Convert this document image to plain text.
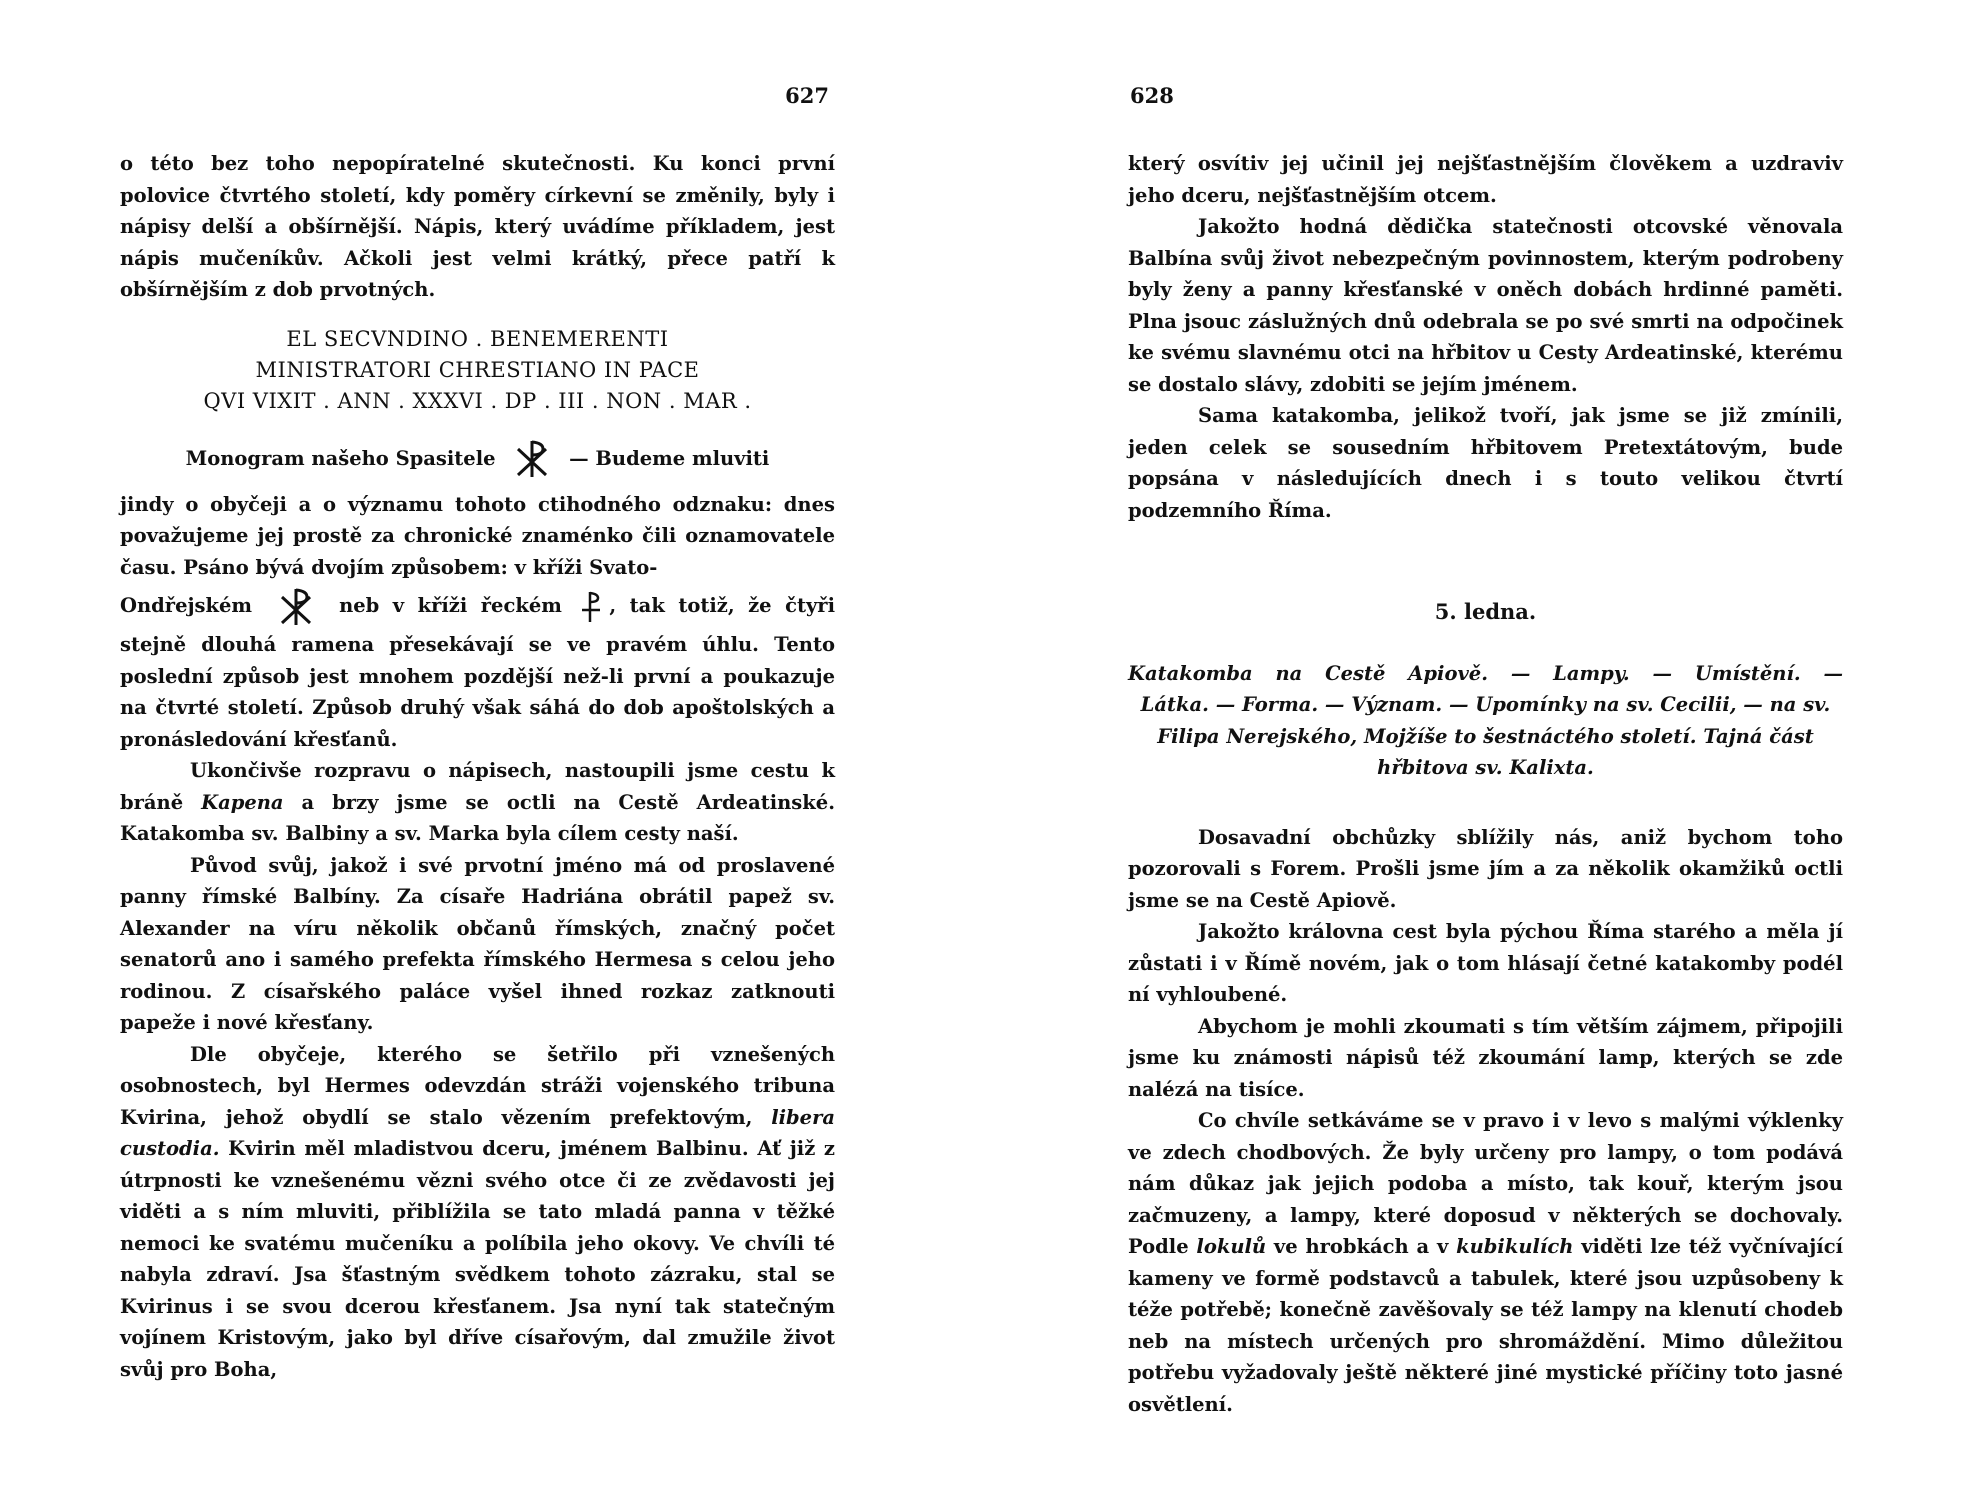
627

o této bez toho nepopíratelné skutečnosti. Ku konci první polovice čtvrtého století, kdy poměry církevní se změnily, byly i nápisy delší a obšírnější. Nápis, který uvádíme příkladem, jest nápis mučeníkův. Ačkoli jest velmi krátký, přece patří k obšírnějším z dob prvotných.

EL SECVNDINO . BENEMERENTI
MINISTRATORI CHRESTIANO IN PACE
QVI VIXIT . ANN . XXXVI . DP . III . NON . MAR .
Monogram našeho Spasitele	— Budeme mluviti

jindy o obyčeji a o významu tohoto ctihodného odznaku: dnes považujeme jej prostě za chronické znaménko čili oznamovatele času. Psáno bývá dvojím způsobem: v kříži Svato-

Ondřejském	neb v kříži řeckém , tak totiž, že čtyři

stejně dlouhá ramena přesekávají se ve pravém úhlu. Tento poslední způsob jest mnohem pozdější než-li první a poukazuje na čtvrté století. Způsob druhý však sáhá do dob apoštolských a pronásledování křesťanů.

Ukončivše rozpravu o nápisech, nastoupili jsme cestu k bráně Kapena a brzy jsme se octli na Cestě Ardeatinské. Katakomba sv. Balbiny a sv. Marka byla cílem cesty naší.

Původ svůj, jakož i své prvotní jméno má od proslavené panny římské Balbíny. Za císaře Hadriána obrátil papež sv. Alexander na víru několik občanů římských, značný počet senatorů ano i samého prefekta římského Hermesa s celou jeho rodinou. Z císařského paláce vyšel ihned rozkaz zatknouti papeže i nové křesťany.

Dle obyčeje, kterého se šetřilo při vznešených osobnostech, byl Hermes odevzdán stráži vojenského tribuna Kvirina, jehož obydlí se stalo vězením prefektovým, libera custodia. Kvirin měl mladistvou dceru, jménem Balbinu. Ať již z útrpnosti ke vznešenému vězni svého otce či ze zvědavosti jej viděti a s ním mluviti, přiblížila se tato mladá panna v těžké nemoci ke svatému mučeníku a políbila jeho okovy. Ve chvíli té nabyla zdraví. Jsa šťastným svědkem tohoto zázraku, stal se Kvirinus i se svou dcerou křesťanem. Jsa nyní tak statečným vojínem Kristovým, jako byl dříve císařovým, dal zmužile život svůj pro Boha,

628

který osvítiv jej učinil jej nejšťastnějším člověkem a uzdraviv jeho dceru, nejšťastnějším otcem.

Jakožto hodná dědička statečnosti otcovské věnovala Balbína svůj život nebezpečným povinnostem, kterým podrobeny byly ženy a panny křesťanské v oněch dobách hrdinné paměti. Plna jsouc záslužných dnů odebrala se po své smrti na odpočinek ke svému slavnému otci na hřbitov u Cesty Ardeatinské, kterému se dostalo slávy, zdobiti se jejím jménem.

Sama katakomba, jelikož tvoří, jak jsme se již zmínili, jeden celek se sousedním hřbitovem Pretextátovým, bude popsána v následujících dnech i s touto velikou čtvrtí podzemního Říma.

5. ledna.
Katakomba na Cestě Apiově. — Lampy. — Umístění. —
Látka. — Forma. — Význam. — Upomínky na sv. Cecilii, — na sv. Filipa Nerejského, Mojžíše to šestnáctého století. Tajná část hřbitova sv. Kalixta.

Dosavadní obchůzky sblížily nás, aniž bychom toho pozorovali s Forem. Prošli jsme jím a za několik okamžiků octli jsme se na Cestě Apiově.

Jakožto královna cest byla pýchou Říma starého a měla jí zůstati i v Římě novém, jak o tom hlásají četné katakomby podél ní vyhloubené.

Abychom je mohli zkoumati s tím větším zájmem, připojili jsme ku známosti nápisů též zkoumání lamp, kterých se zde nalézá na tisíce.

Co chvíle setkáváme se v pravo i v levo s malými výklenky ve zdech chodbových. Že byly určeny pro lampy, o tom podává nám důkaz jak jejich podoba a místo, tak kouř, kterým jsou začmuzeny, a lampy, které doposud v některých se dochovaly. Podle lokulů ve hrobkách a v kubikulích viděti lze též vyčnívající kameny ve formě podstavců a tabulek, které jsou uzpůsobeny k téže potřebě; konečně zavěšovaly se též lampy na klenutí chodeb neb na místech určených pro shromáždění. Mimo důležitou potřebu vyžadovaly ještě některé jiné mystické příčiny toto jasné osvětlení.
